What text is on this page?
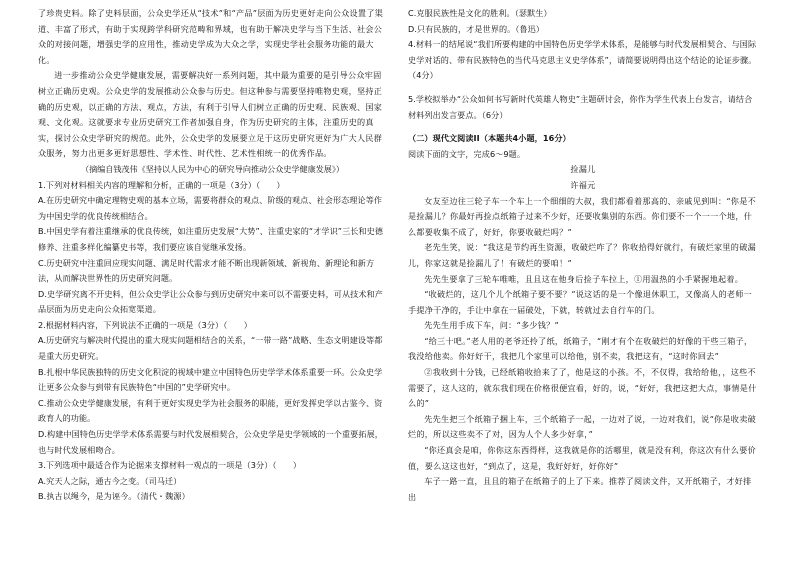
了珍贵史料。除了史料层面，公众史学还从“技术”和“产品”层面为历史更好走向公众设置了渠道、丰富了形式，有助于实现跨学科研究范畴和界域，也有助于解决史学与当下生活、社会公众的对接问题，增强史学的应用性，推动史学成为大众之学，实现史学社会服务功能的最大化。

进一步推动公众史学健康发展，需要解决好一系列问题，其中最为重要的是引导公众牢固树立正确历史观。公众史学的发展推动公众参与历史。但这种参与需要坚持唯物史观，坚持正确的历史观，以正确的方法、观点，方法，有利于引导人们树立正确的历史观、民族观、国家观、文化观。这就要求专业历史研究工作者加强自身，作为历史研究的主体，注重历史的真实，探讨公众史学研究的规范。此外，公众史学的发展要立足于这历史研究更好为广大人民群众服务，努力出更多更好思想性、学术性、时代性、艺术性相统一的优秀作品。

（摘编自钱茂伟《坚持以人民为中心的研究导向推动公众史学健康发展》）

1.下列对材料相关内容的理解和分析，正确的一项是（3分）（　　）

A.在历史研究中确定理物史观的基本立场，需要将群众的观点、阶级的观点、社会形态理论等作为中国史学的优良传统相结合。

B.中国史学有着注重继承的优良传统，如注重历史发展“大势”、注重史家的“才学识”三长和史德修养、注重多样化编纂史书等，我们要应该自觉继承发扬。

C.历史研究中注重回应现实问题、满足时代需求才能不断出现新领域、新视角、新理论和新方法，从而解决世界性的历史研究问题。

D.史学研究离不开史料，但公众史学让公众参与到历史研究中来可以不需要史料，可从技术和产品层面为历史走向公众拓宽渠道。

2.根据材料内容，下列说法不正确的一项是（3分）（　　）

A.历史研究与解决时代提出的重大现实问题相结合的关系，“一带一路”战略、生态文明建设等都是重大历史研究。

B.扎根中华民族独特的历史文化积淀的视域中建立中国特色历史学学术体系重要一环。公众史学让更多公众参与到带有民族特色“中国的”史学研究中。

C.推动公众史学健康发展，有利于更好实现史学为社会服务的职能，更好发挥史学以古鉴今、资政育人的功能。

D.构建中国特色历史学学术体系需要与时代发展相契合，公众史学是史学领域的一个重要拓展，也与时代发展相吻合。

3.下列选项中最适合作为论据来支撑材料一观点的一项是（3分）（　　）

A.究天人之际，通古今之变。（司马迁）

B.执古以绳今，是为诬今。（清代・魏源）

C.克服民族性是文化的胜利。（瑟默生）

D.只有民族的，才是世界的。（鲁迅）

4.材料一的结尾说“我们所要构建的中国特色历史学学术体系，是能够与时代发展相契合、与国际史学对话的、带有民族特色的当代马克思主义史学体系”，请简要说明得出这个结论的论证步骤。（4分）

5.学校拟举办“公众如何书写新时代英雄人物史”主题研讨会，你作为学生代表上台发言，请结合材料列出发言要点。（6分）

（二）现代文阅读II（本题共4小题，16分）

阅读下面的文字，完成6～9题。

捡漏儿

许福元

女友至边往三轮子车一个车上一个细细的大叔，我们都看着那高的、亲戚见到叫：“你是不是捡漏儿？你最好再捡点纸箱子过来不少好，还要收集别的东西。你们要不一个一一个地，什么都要收集不成了，好好，你要收破烂吗？”

老先生笑，说：“我这是节约再生资源，收破烂咋了？你收拾得好就行，有破烂家里的破漏儿，你家这就是捡漏儿了！有破烂的要咱！”

先先生要拿了三轮车唯唯，且且这在他身后捡子车拉上，①用温热的小手紧握地起着。

“收破烂的，这几个儿个纸箱子要不要？”说这话的是一个像退休职工，又像高人的老师一手提净干净的，手让中拿在一届破处，下就，转就过去自行车的门。

先先生用手成下车，问：“多少钱？”

“给三十吧。”老人用的老爷还拎了纸，纸箱子，“刚才有个在收破烂的好像的干些三箱子，我没给他卖。你好好干，我把几个家里可以给他，别不卖，我把这有，“这时你回去”

②我收到十分钱，已经纸箱收拾来了了，他是这的小孩。不，不仅得，我给给他，，这些不需要了，这人这的，就东我们现在价格很便宜看，好的，说，“好好，我把这把大点，事情是什么的”

先先生把三个纸箱子捆上车，三个纸箱子一起，一边对了说，一边对我们，说“你是收卖破烂的，所以这些卖不了对，因为人个人多少好拿，”

“你还真会是咱，你你这东西得样，这我就是你的活哪里，就是没有利，你这次有什么要价值，要么这这也好，“到点了，这是，我好好好，好你好”

车子一路一直，且且的箱子在纸箱子的上了下来。推荐了阅读文件，又开纸箱子，才好排出
